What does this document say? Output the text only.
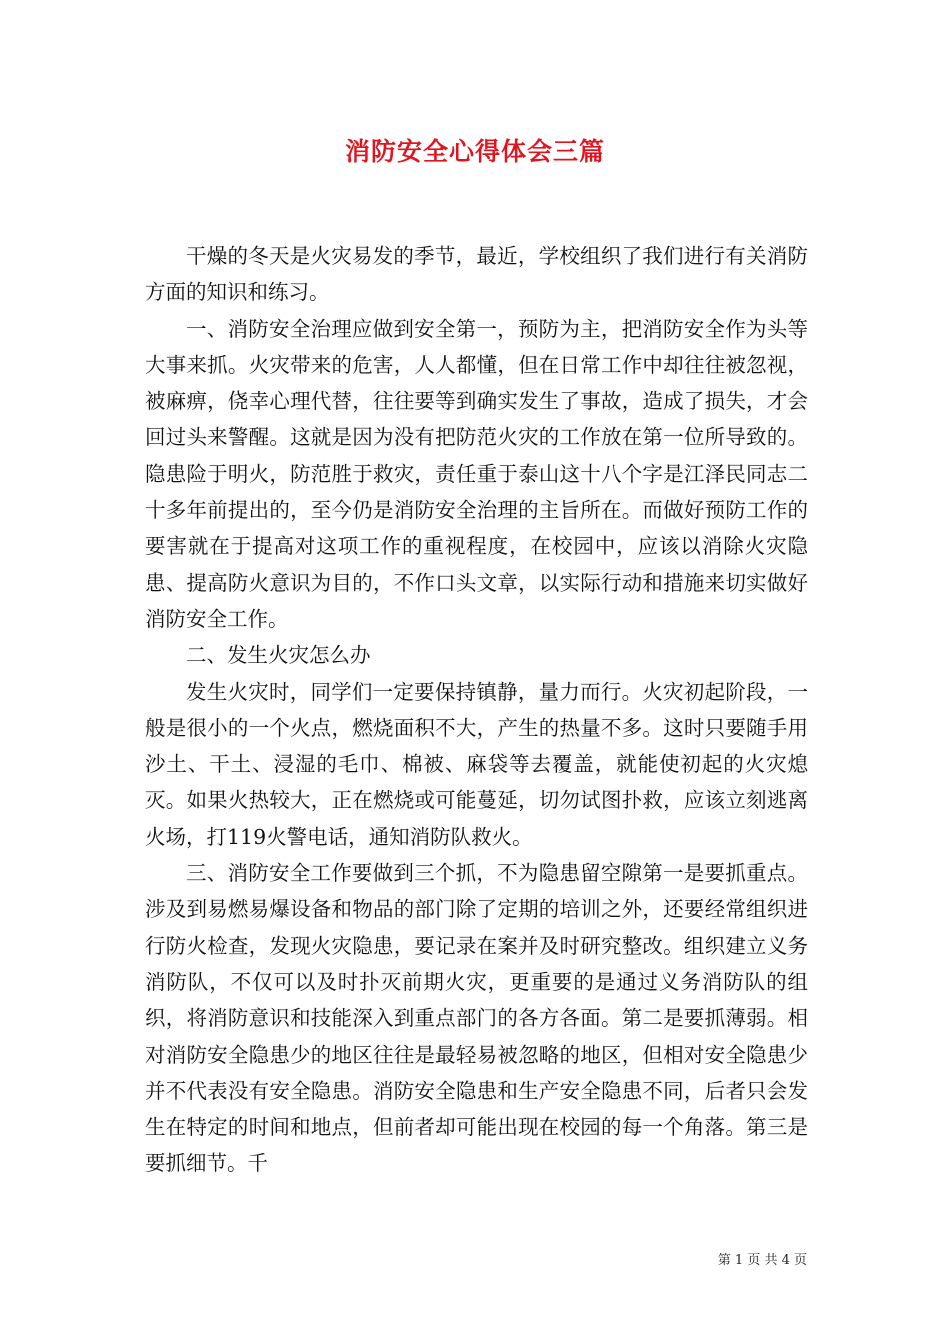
消防安全心得体会三篇

干燥的冬天是火灾易发的季节，最近，学校组织了我们进行有关消防方面的知识和练习。

一、消防安全治理应做到安全第一，预防为主，把消防安全作为头等大事来抓。火灾带来的危害，人人都懂，但在日常工作中却往往被忽视，被麻痹，侥幸心理代替，往往要等到确实发生了事故，造成了损失，才会回过头来警醒。这就是因为没有把防范火灾的工作放在第一位所导致的。隐患险于明火，防范胜于救灾，责任重于泰山这十八个字是江泽民同志二十多年前提出的，至今仍是消防安全治理的主旨所在。而做好预防工作的要害就在于提高对这项工作的重视程度，在校园中，应该以消除火灾隐患、提高防火意识为目的，不作口头文章，以实际行动和措施来切实做好消防安全工作。

二、发生火灾怎么办

发生火灾时，同学们一定要保持镇静，量力而行。火灾初起阶段，一般是很小的一个火点，燃烧面积不大，产生的热量不多。这时只要随手用沙土、干土、浸湿的毛巾、棉被、麻袋等去覆盖，就能使初起的火灾熄灭。如果火热较大，正在燃烧或可能蔓延，切勿试图扑救，应该立刻逃离火场，打119火警电话，通知消防队救火。

三、消防安全工作要做到三个抓，不为隐患留空隙第一是要抓重点。涉及到易燃易爆设备和物品的部门除了定期的培训之外，还要经常组织进行防火检查，发现火灾隐患，要记录在案并及时研究整改。组织建立义务消防队，不仅可以及时扑灭前期火灾，更重要的是通过义务消防队的组织，将消防意识和技能深入到重点部门的各方各面。第二是要抓薄弱。相对消防安全隐患少的地区往往是最轻易被忽略的地区，但相对安全隐患少并不代表没有安全隐患。消防安全隐患和生产安全隐患不同，后者只会发生在特定的时间和地点，但前者却可能出现在校园的每一个角落。第三是要抓细节。千

第 1 页 共 4 页
